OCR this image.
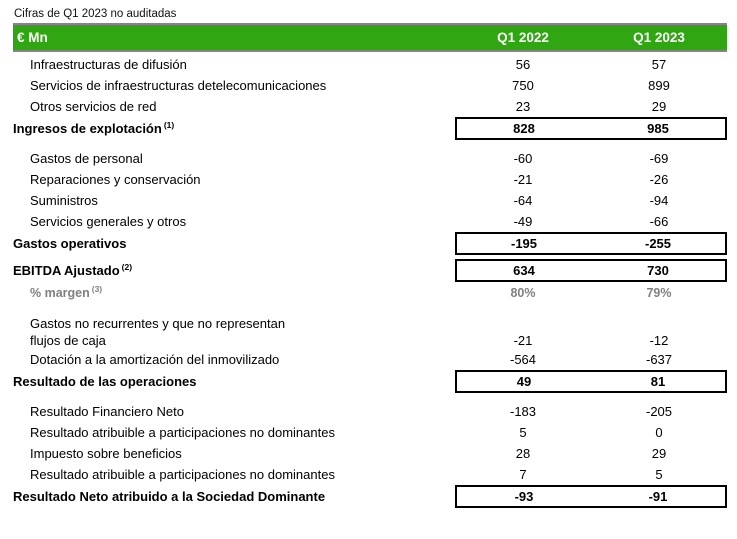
Cifras de Q1 2023 no auditadas
€ Mn	Q1 2022	Q1 2023
Infraestructuras de difusión	56	57
Servicios de infraestructuras detelecomunicaciones	750	899
Otros servicios de red	23	29
Ingresos de explotación $^{(1)}$	828	985
Gastos de personal	-60	-69
Reparaciones y conservación	-21	-26
Suministros	-64	-94
Servicios generales y otros	-49	-66
Gastos operativos	-195	-255
EBITDA Ajustado $^{(2)}$	634	730
% margen $^{(3)}$	80%	79%
Gastos no recurrentes y que no representan
flujos de caja	-21	-12
Dotación a la amortización del inmovilizado	-564	-637
Resultado de las operaciones	49	81
Resultado Financiero Neto	-183	-205
Resultado atribuible a participaciones no dominantes	5	0
Impuesto sobre beneficios	28	29
Resultado atribuible a participaciones no dominantes	7	5
Resultado Neto atribuido a la Sociedad Dominante	-93	-91
